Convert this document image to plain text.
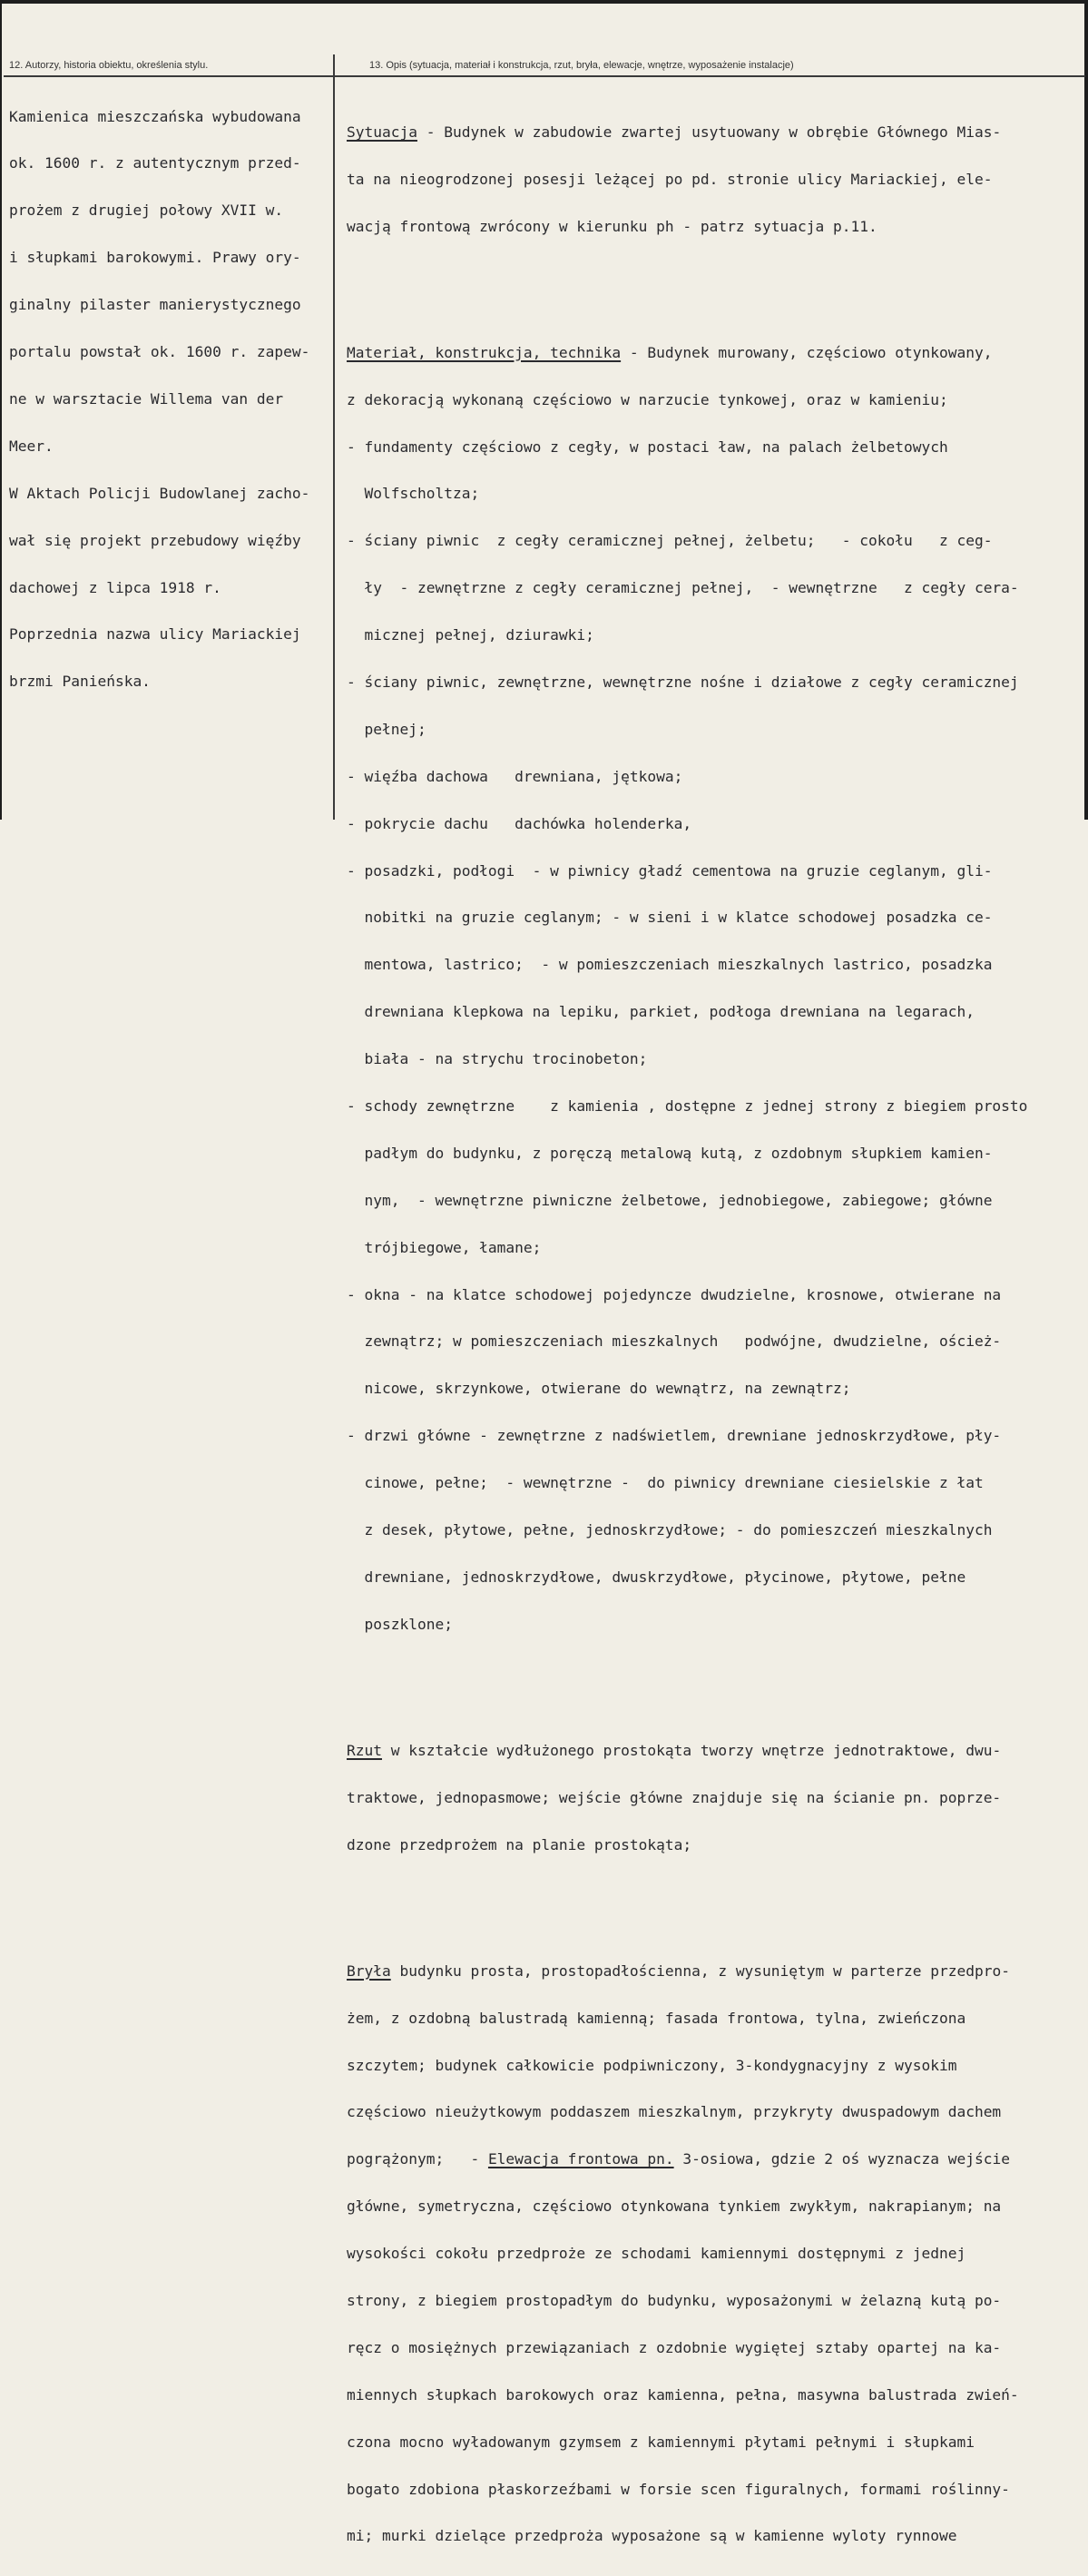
12. Autorzy, historia obiektu, określenia stylu.	13. Opis (sytuacja, materiał i konstrukcja, rzut, bryła, elewacje, wnętrze, wyposażenie instalacje)

Kamienica mieszczańska wybudowana

ok. 1600 r. z autentycznym przed-

prożem z drugiej połowy XVII w.

i słupkami barokowymi. Prawy ory-

ginalny pilaster manierystycznego

portalu powstał ok. 1600 r. zapew-

ne w warsztacie Willema van der

Meer.

W Aktach Policji Budowlanej zacho-

wał się projekt przebudowy więźby

dachowej z lipca 1918 r.

Poprzednia nazwa ulicy Mariackiej

brzmi Panieńska.

Sytuacja - Budynek w zabudowie zwartej usytuowany w obrębie Głównego Mias-

ta na nieogrodzonej posesji leżącej po pd. stronie ulicy Mariackiej, ele-

wacją frontową zwrócony w kierunku ph - patrz sytuacja p.11.

Materiał, konstrukcja, technika - Budynek murowany, częściowo otynkowany,

z dekoracją wykonaną częściowo w narzucie tynkowej, oraz w kamieniu;

- fundamenty częściowo z cegły, w postaci ław, na palach żelbetowych

Wolfscholtza;

- ściany piwnic  z cegły ceramicznej pełnej, żelbetu;   - cokołu   z ceg-

ły  - zewnętrzne z cegły ceramicznej pełnej,  - wewnętrzne   z cegły cera-

micznej pełnej, dziurawki;

- ściany piwnic, zewnętrzne, wewnętrzne nośne i działowe z cegły ceramicznej

pełnej;

- więźba dachowa   drewniana, jętkowa;

- pokrycie dachu   dachówka holenderka,

- posadzki, podłogi  - w piwnicy gładź cementowa na gruzie ceglanym, gli-

nobitki na gruzie ceglanym; - w sieni i w klatce schodowej posadzka ce-

mentowa, lastrico;  - w pomieszczeniach mieszkalnych lastrico, posadzka

drewniana klepkowa na lepiku, parkiet, podłoga drewniana na legarach,

biała - na strychu trocinobeton;

- schody zewnętrzne    z kamienia , dostępne z jednej strony z biegiem prosto

padłym do budynku, z poręczą metalową kutą, z ozdobnym słupkiem kamien-

nym,  - wewnętrzne piwniczne żelbetowe, jednobiegowe, zabiegowe; główne

trójbiegowe, łamane;

- okna - na klatce schodowej pojedyncze dwudzielne, krosnowe, otwierane na

zewnątrz; w pomieszczeniach mieszkalnych   podwójne, dwudzielne, oścież-

nicowe, skrzynkowe, otwierane do wewnątrz, na zewnątrz;

- drzwi główne - zewnętrzne z nadświetlem, drewniane jednoskrzydłowe, pły-

cinowe, pełne;  - wewnętrzne -  do piwnicy drewniane ciesielskie z łat

z desek, płytowe, pełne, jednoskrzydłowe; - do pomieszczeń mieszkalnych

drewniane, jednoskrzydłowe, dwuskrzydłowe, płycinowe, płytowe, pełne

poszklone;

Rzut w kształcie wydłużonego prostokąta tworzy wnętrze jednotraktowe, dwu-

traktowe, jednopasmowe; wejście główne znajduje się na ścianie pn. poprze-

dzone przedprożem na planie prostokąta;

Bryła budynku prosta, prostopadłościenna, z wysuniętym w parterze przedpro-

żem, z ozdobną balustradą kamienną; fasada frontowa, tylna, zwieńczona

szczytem; budynek całkowicie podpiwniczony, 3-kondygnacyjny z wysokim

częściowo nieużytkowym poddaszem mieszkalnym, przykryty dwuspadowym dachem

pogrążonym;   - Elewacja frontowa pn. 3-osiowa, gdzie 2 oś wyznacza wejście

główne, symetryczna, częściowo otynkowana tynkiem zwykłym, nakrapianym; na

wysokości cokołu przedproże ze schodami kamiennymi dostępnymi z jednej

strony, z biegiem prostopadłym do budynku, wyposażonymi w żelazną kutą po-

ręcz o mosiężnych przewiązaniach z ozdobnie wygiętej sztaby opartej na ka-

miennych słupkach barokowych oraz kamienna, pełna, masywna balustrada zwień-

czona mocno wyładowanym gzymsem z kamiennymi płytami pełnymi i słupkami

bogato zdobiona płaskorzeźbami w forsie scen figuralnych, formami roślinny-

mi; murki dzielące przedproża wyposażone są w kamienne wyloty rynnowe
